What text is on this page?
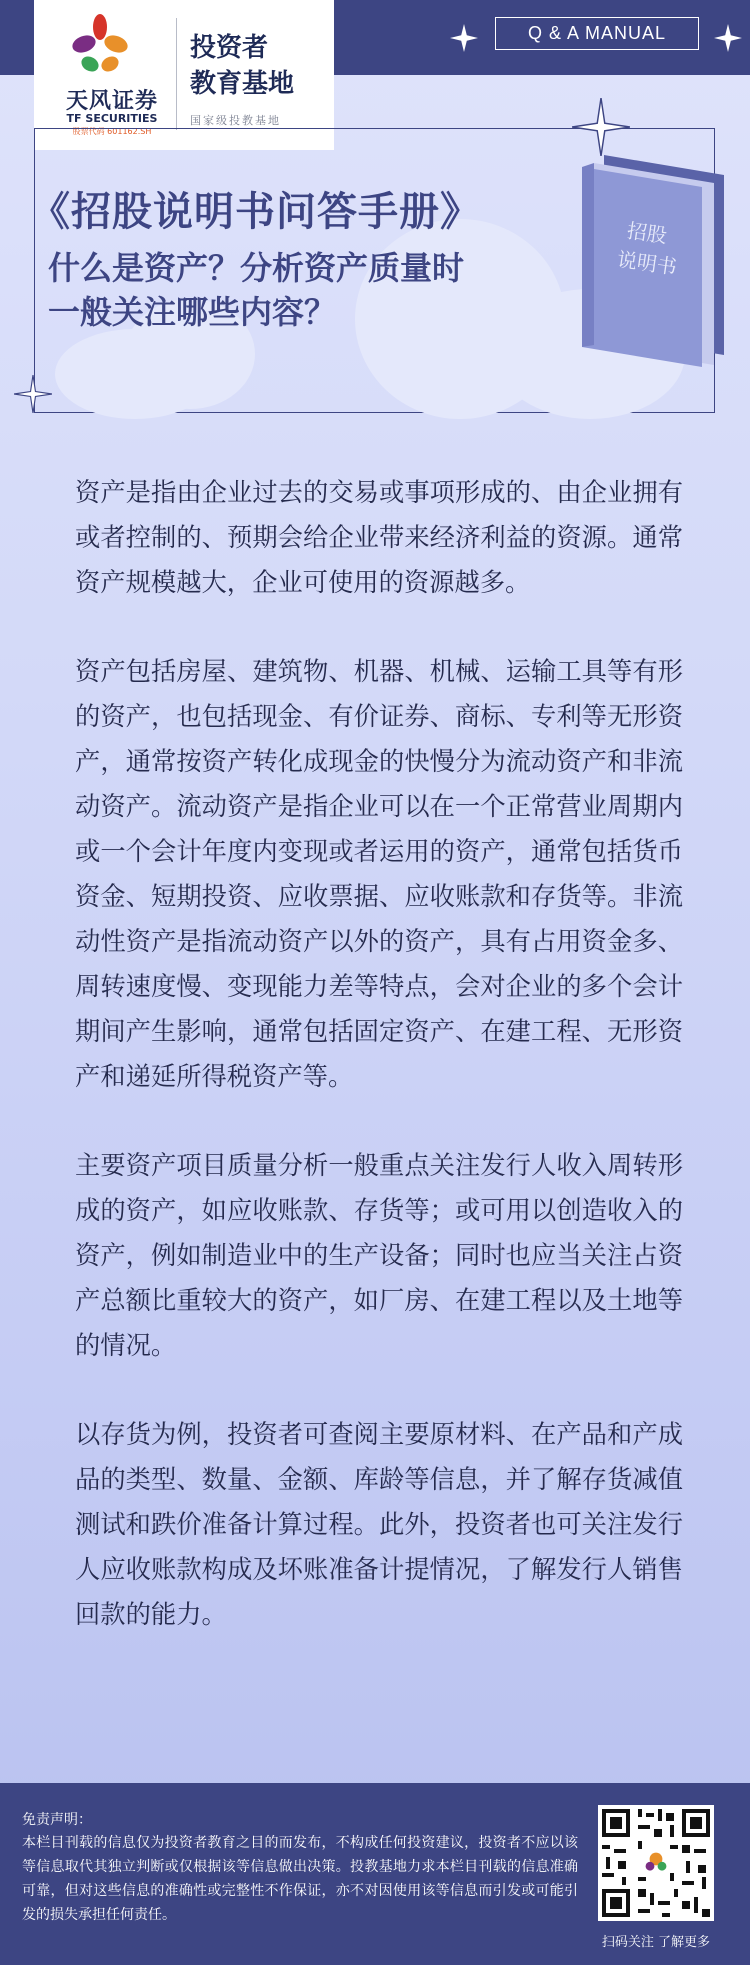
天风证券
TF SECURITIES
股票代码 601162.SH
投资者
教育基地
国家级投教基地
Q & A MANUAL
《招股说明书问答手册》
什么是资产？分析资产质量时
一般关注哪些内容？
招股
说明书

资产是指由企业过去的交易或事项形成的、由企业拥有或者控制的、预期会给企业带来经济利益的资源。通常资产规模越大，企业可使用的资源越多。

资产包括房屋、建筑物、机器、机械、运输工具等有形的资产，也包括现金、有价证券、商标、专利等无形资产，通常按资产转化成现金的快慢分为流动资产和非流动资产。流动资产是指企业可以在一个正常营业周期内或一个会计年度内变现或者运用的资产，通常包括货币资金、短期投资、应收票据、应收账款和存货等。非流动性资产是指流动资产以外的资产，具有占用资金多、周转速度慢、变现能力差等特点，会对企业的多个会计期间产生影响，通常包括固定资产、在建工程、无形资产和递延所得税资产等。

主要资产项目质量分析一般重点关注发行人收入周转形成的资产，如应收账款、存货等；或可用以创造收入的资产，例如制造业中的生产设备；同时也应当关注占资产总额比重较大的资产，如厂房、在建工程以及土地等的情况。

以存货为例，投资者可查阅主要原材料、在产品和产成品的类型、数量、金额、库龄等信息，并了解存货减值测试和跌价准备计算过程。此外，投资者也可关注发行人应收账款构成及坏账准备计提情况，了解发行人销售回款的能力。

免责声明：
本栏目刊载的信息仅为投资者教育之目的而发布，不构成任何投资建议，投资者不应以该等信息取代其独立判断或仅根据该等信息做出决策。投教基地力求本栏目刊载的信息准确可靠，但对这些信息的准确性或完整性不作保证，亦不对因使用该等信息而引发或可能引发的损失承担任何责任。
扫码关注 了解更多
